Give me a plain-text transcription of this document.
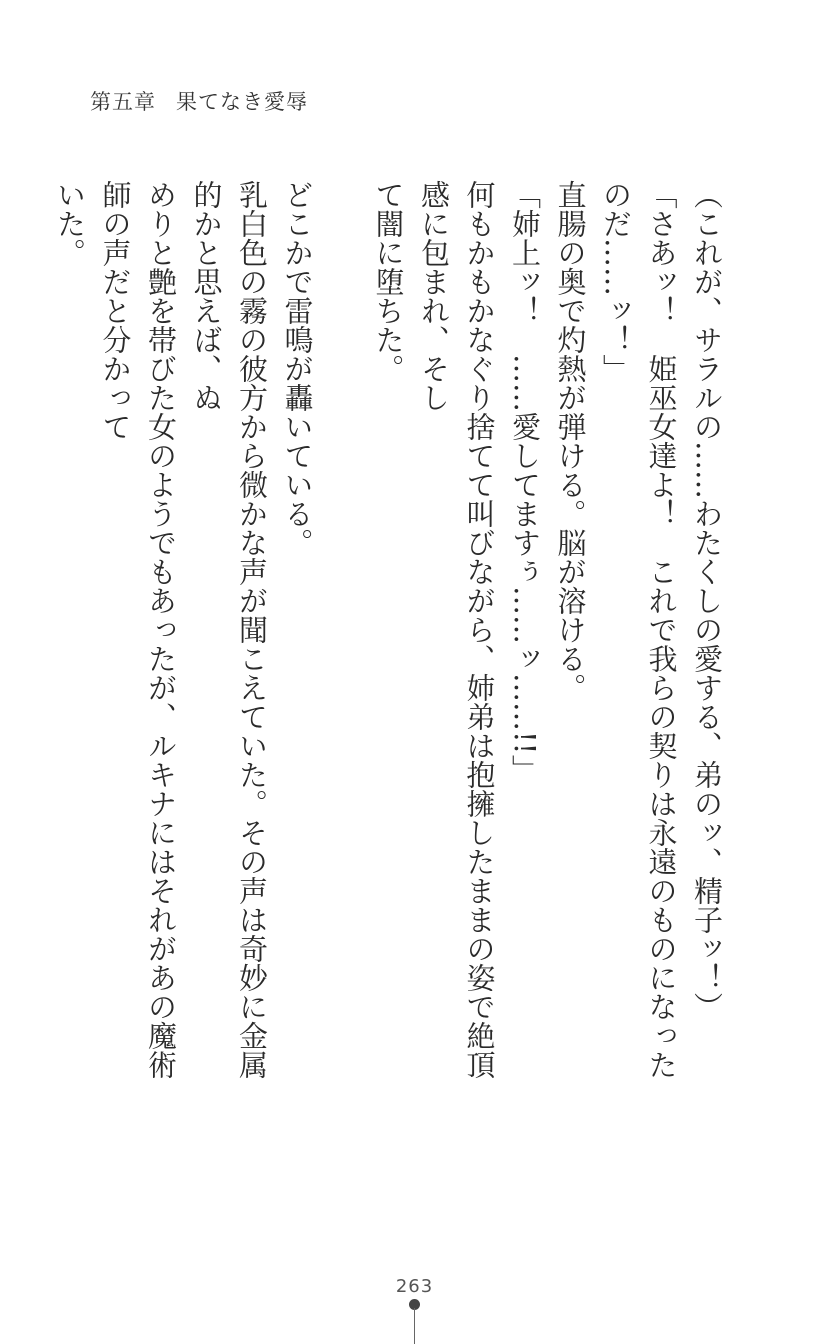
第五章 果てなき愛辱

（これが、サラルの……わたくしの愛する、弟のッ、精子ッ！）

「さあッ！　姫巫女達よ！　これで我らの契りは永遠のものになったのだ……ッ！」

直腸の奥で灼熱が弾ける。脳が溶ける。

「姉上ッ！　……愛してますぅ……ッ……!!」

何もかもかなぐり捨てて叫びながら、姉弟は抱擁したままの姿で絶頂感に包まれ、そし

て闇に堕ちた。

どこかで雷鳴が轟いている。

乳白色の霧の彼方から微かな声が聞こえていた。その声は奇妙に金属的かと思えば、ぬ

めりと艶を帯びた女のようでもあったが、ルキナにはそれがあの魔術師の声だと分かって

いた。

263
